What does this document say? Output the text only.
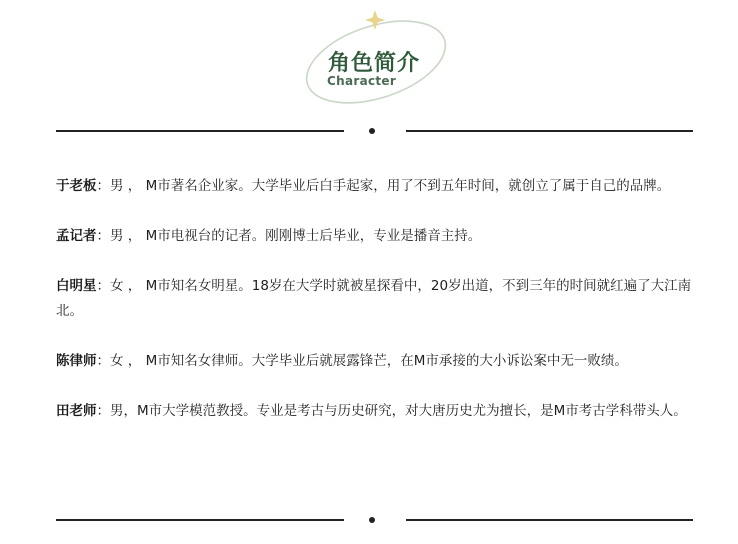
角色简介
Character

于老板：男 ， M市著名企业家。大学毕业后白手起家，用了不到五年时间，就创立了属于自己的品牌。

孟记者：男 ， M市电视台的记者。刚刚博士后毕业，专业是播音主持。

白明星：女 ， M市知名女明星。18岁在大学时就被星探看中，20岁出道，不到三年的时间就红遍了大江南北。

陈律师：女 ， M市知名女律师。大学毕业后就展露锋芒，在M市承接的大小诉讼案中无一败绩。

田老师：男，M市大学模范教授。专业是考古与历史研究，对大唐历史尤为擅长，是M市考古学科带头人。
